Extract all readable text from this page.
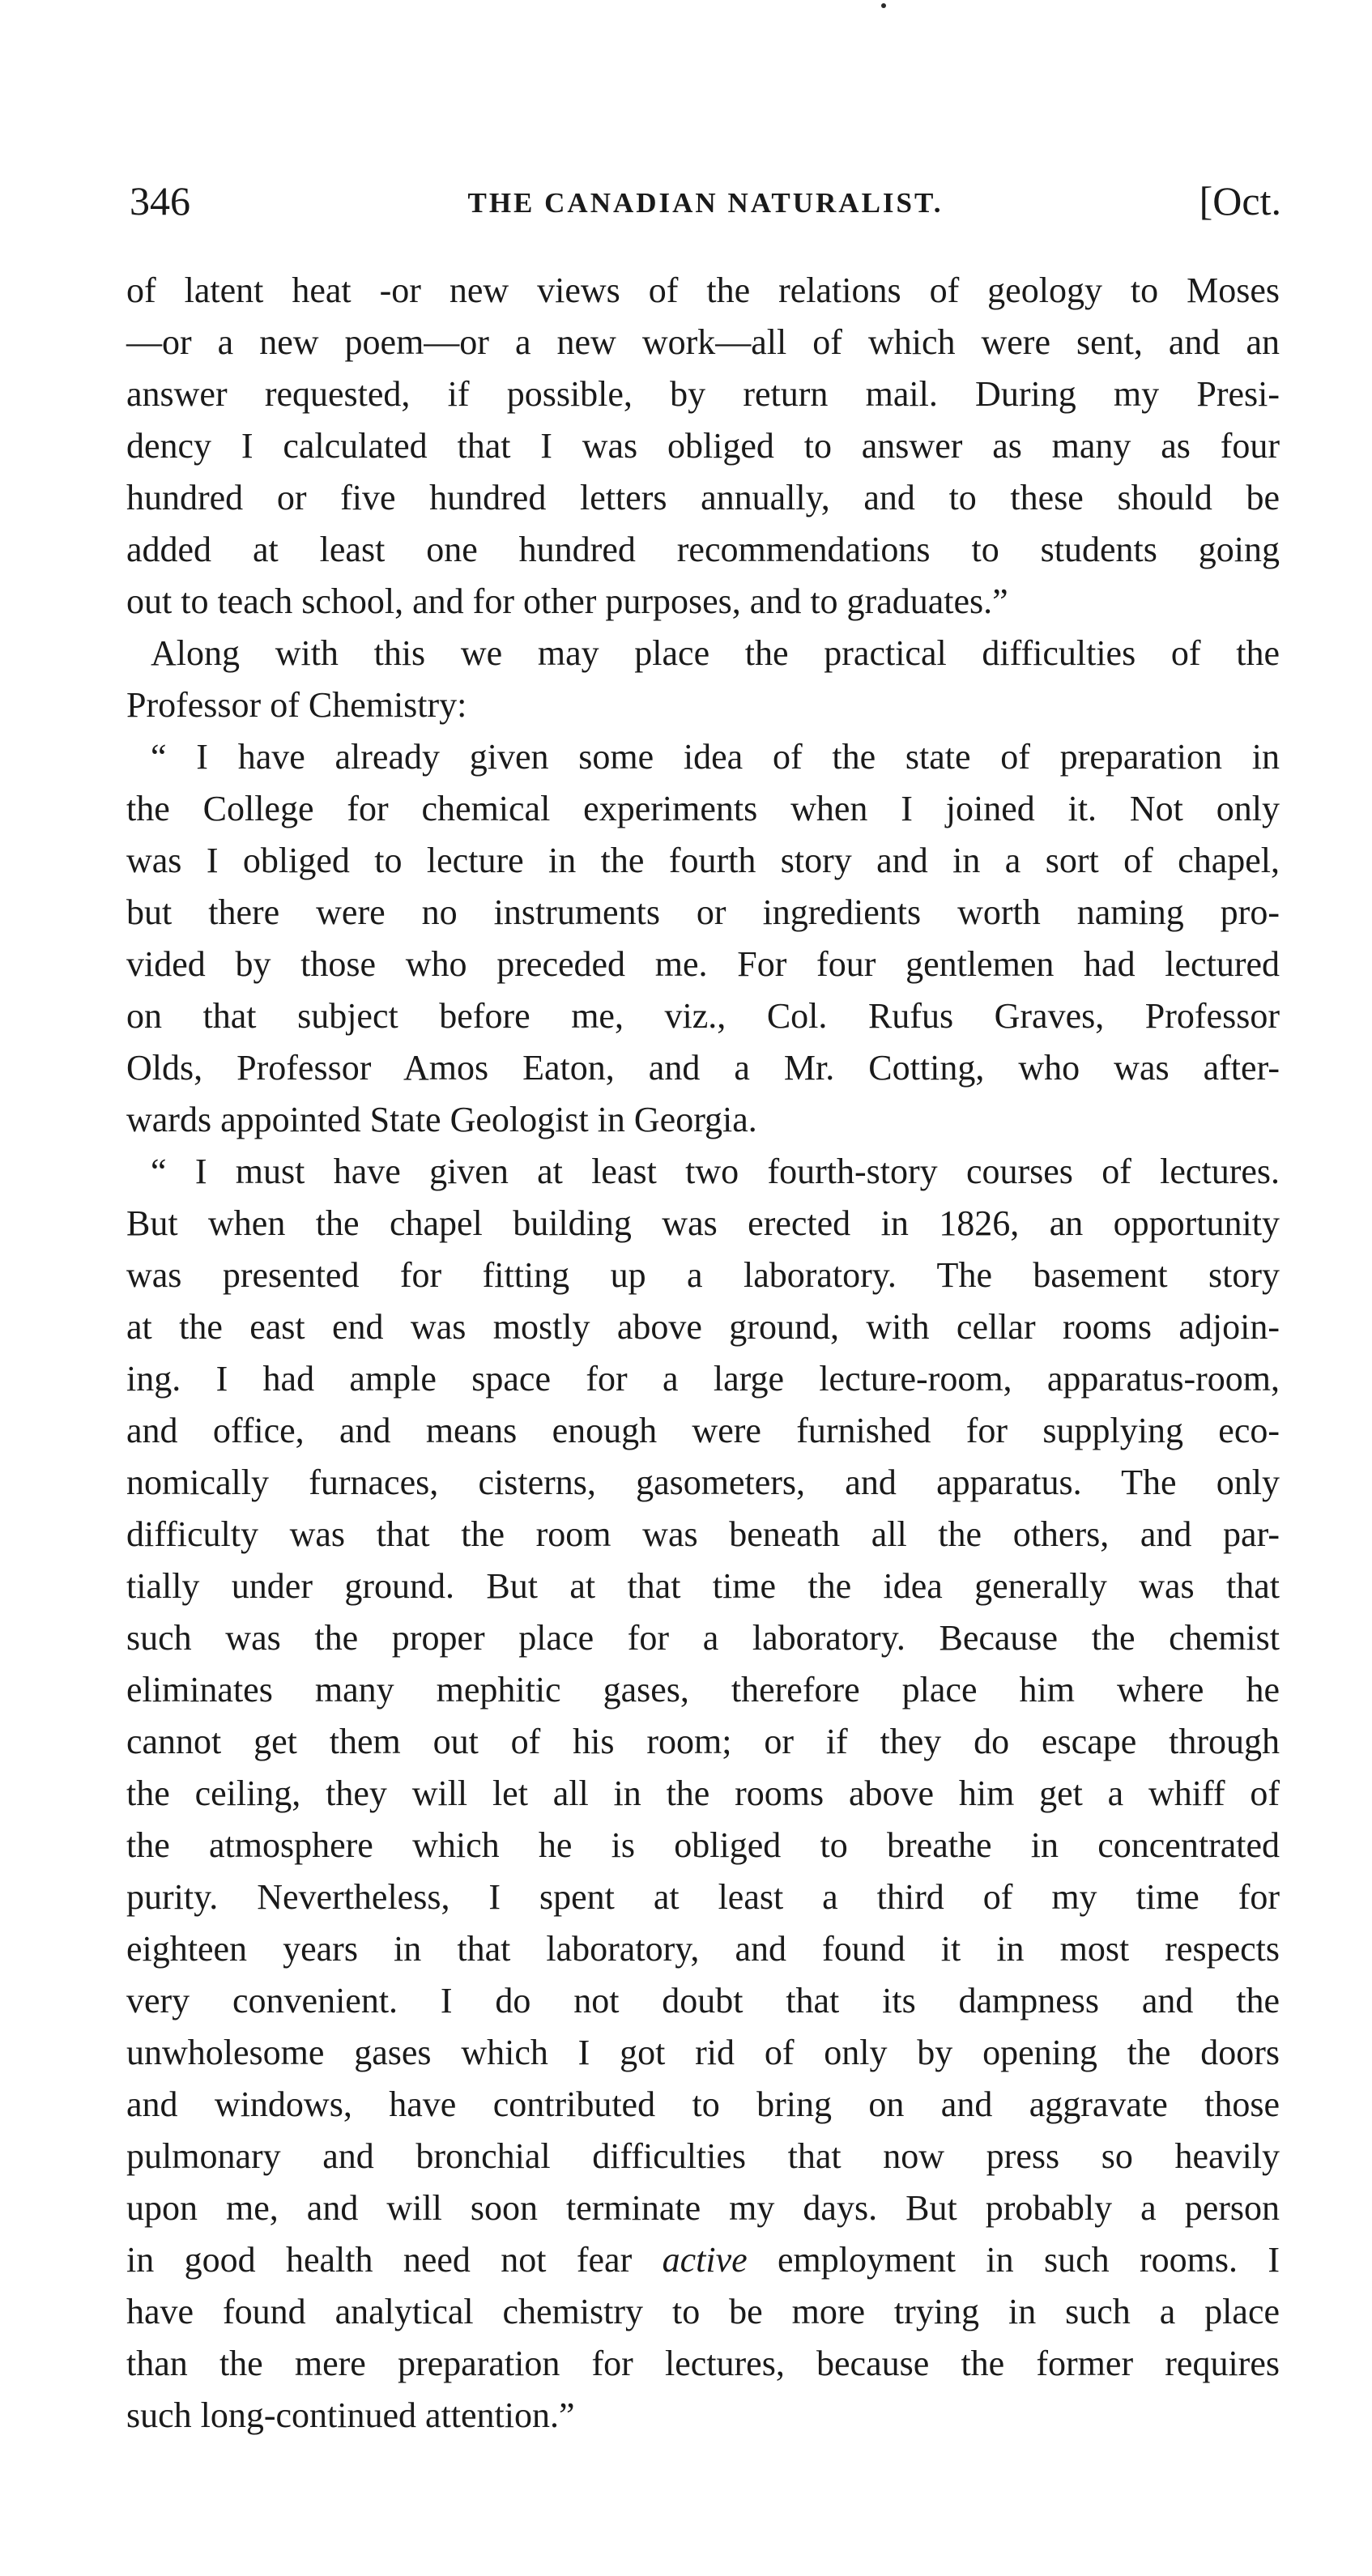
346	THE CANADIAN NATURALIST.	[Oct.
of latent heat -or new views of the relations of geology to Moses
—or a new poem—or a new work—all of which were sent, and an
answer requested, if possible, by return mail. During my Presi-
dency I calculated that I was obliged to answer as many as four
hundred or five hundred letters annually, and to these should be
added at least one hundred recommendations to students going
out to teach school, and for other purposes, and to graduates.”
Along with this we may place the practical difficulties of the
Professor of Chemistry:
“ I have already given some idea of the state of preparation in
the College for chemical experiments when I joined it. Not only
was I obliged to lecture in the fourth story and in a sort of chapel,
but there were no instruments or ingredients worth naming pro-
vided by those who preceded me. For four gentlemen had lectured
on that subject before me, viz., Col. Rufus Graves, Professor
Olds, Professor Amos Eaton, and a Mr. Cotting, who was after-
wards appointed State Geologist in Georgia.
“ I must have given at least two fourth-story courses of lectures.
But when the chapel building was erected in 1826, an opportunity
was presented for fitting up a laboratory. The basement story
at the east end was mostly above ground, with cellar rooms adjoin-
ing. I had ample space for a large lecture-room, apparatus-room,
and office, and means enough were furnished for supplying eco-
nomically furnaces, cisterns, gasometers, and apparatus. The only
difficulty was that the room was beneath all the others, and par-
tially under ground. But at that time the idea generally was that
such was the proper place for a laboratory. Because the chemist
eliminates many mephitic gases, therefore place him where he
cannot get them out of his room; or if they do escape through
the ceiling, they will let all in the rooms above him get a whiff of
the atmosphere which he is obliged to breathe in concentrated
purity. Nevertheless, I spent at least a third of my time for
eighteen years in that laboratory, and found it in most respects
very convenient. I do not doubt that its dampness and the
unwholesome gases which I got rid of only by opening the doors
and windows, have contributed to bring on and aggravate those
pulmonary and bronchial difficulties that now press so heavily
upon me, and will soon terminate my days. But probably a person
in good health need not fear active employment in such rooms. I
have found analytical chemistry to be more trying in such a place
than the mere preparation for lectures, because the former requires
such long-continued attention.”
